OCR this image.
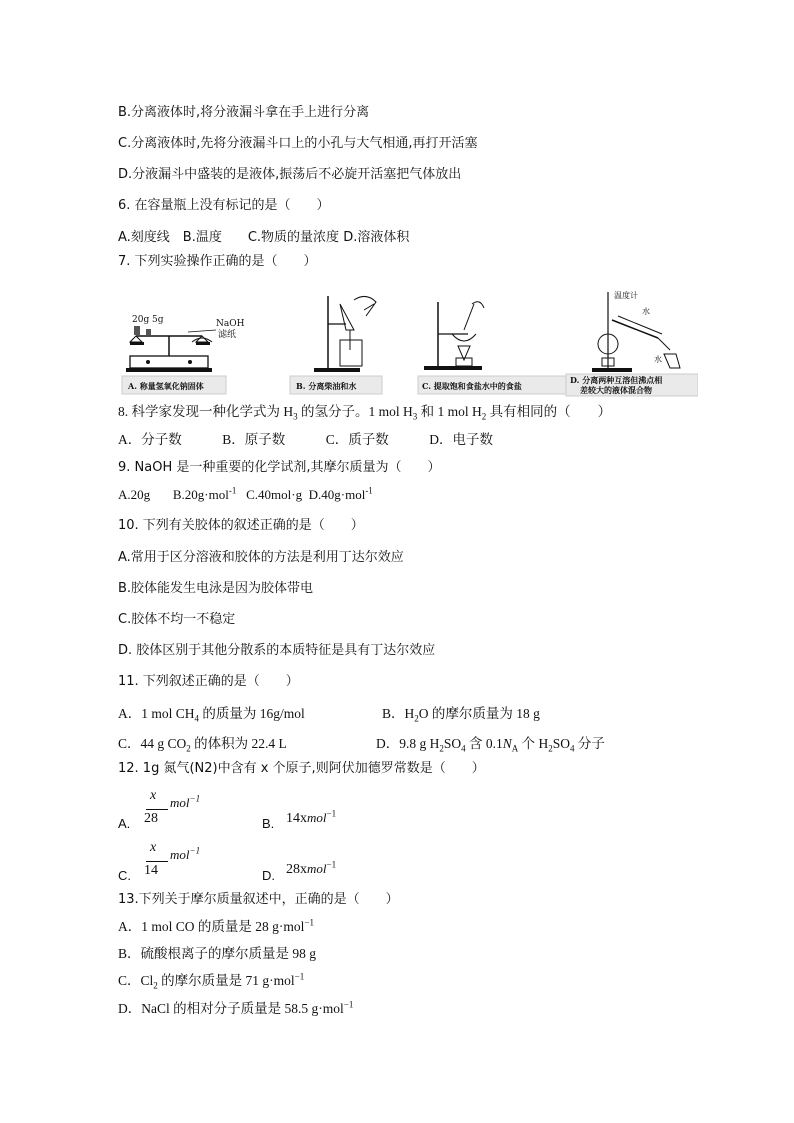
B.分离液体时,将分液漏斗拿在手上进行分离
C.分离液体时,先将分液漏斗口上的小孔与大气相通,再打开活塞
D.分液漏斗中盛装的是液体,振荡后不必旋开活塞把气体放出
6. 在容量瓶上没有标记的是（　　）
A.刻度线　B.温度　　C.物质的量浓度 D.溶液体积
7. 下列实验操作正确的是（　　）
20g 5g	NaOH
滤纸
A. 称量氢氧化钠固体	B. 分离柴油和水	C. 提取饱和食盐水中的食盐
温度计
水
水
D. 分离两种互溶但沸点相
差较大的液体混合物
8. 科学家发现一种化学式为 $H_3$ 的氢分子。1 mol $H_3$ 和 1 mol $H_2$ 具有相同的（　　）
A．分子数　　　B．原子数　　　C．质子数　　　D．电子数
9. NaOH 是一种重要的化学试剂,其摩尔质量为（　　）
A.20g B.20g·mol$^{-1}$ C.40mol·g D.40g·mol$^{-1}$
10. 下列有关胶体的叙述正确的是（　　）
A.常用于区分溶液和胶体的方法是利用丁达尔效应
B.胶体能发生电泳是因为胶体带电
C.胶体不均一不稳定
D. 胶体区别于其他分散系的本质特征是具有丁达尔效应
11. 下列叙述正确的是（　　）
A．1 mol $CH_4$ 的质量为 16g/mol	B．$H_2O$ 的摩尔质量为 18 g
C．44 g $CO_2$ 的体积为 22.4 L	D．9.8 g $H_2SO_4$ 含 $0.1N_A$ 个 $H_2SO_4$ 分子
12. 1g 氮气(N2)中含有 x 个原子,则阿伏加德罗常数是（　　）
A.
x
28
mol$^{-1}$
B. 14xmol$^{-1}$
C.
x
14
mol$^{-1}$
D. 28xmol$^{-1}$
13.下列关于摩尔质量叙述中，正确的是（　　）
A．1 mol CO 的质量是 28 g·mol$^{-1}$
B．硫酸根离子的摩尔质量是 98 g
C．$Cl_2$ 的摩尔质量是 71 g·mol$^{-1}$
D．NaCl 的相对分子质量是 58.5 g·mol$^{-1}$
